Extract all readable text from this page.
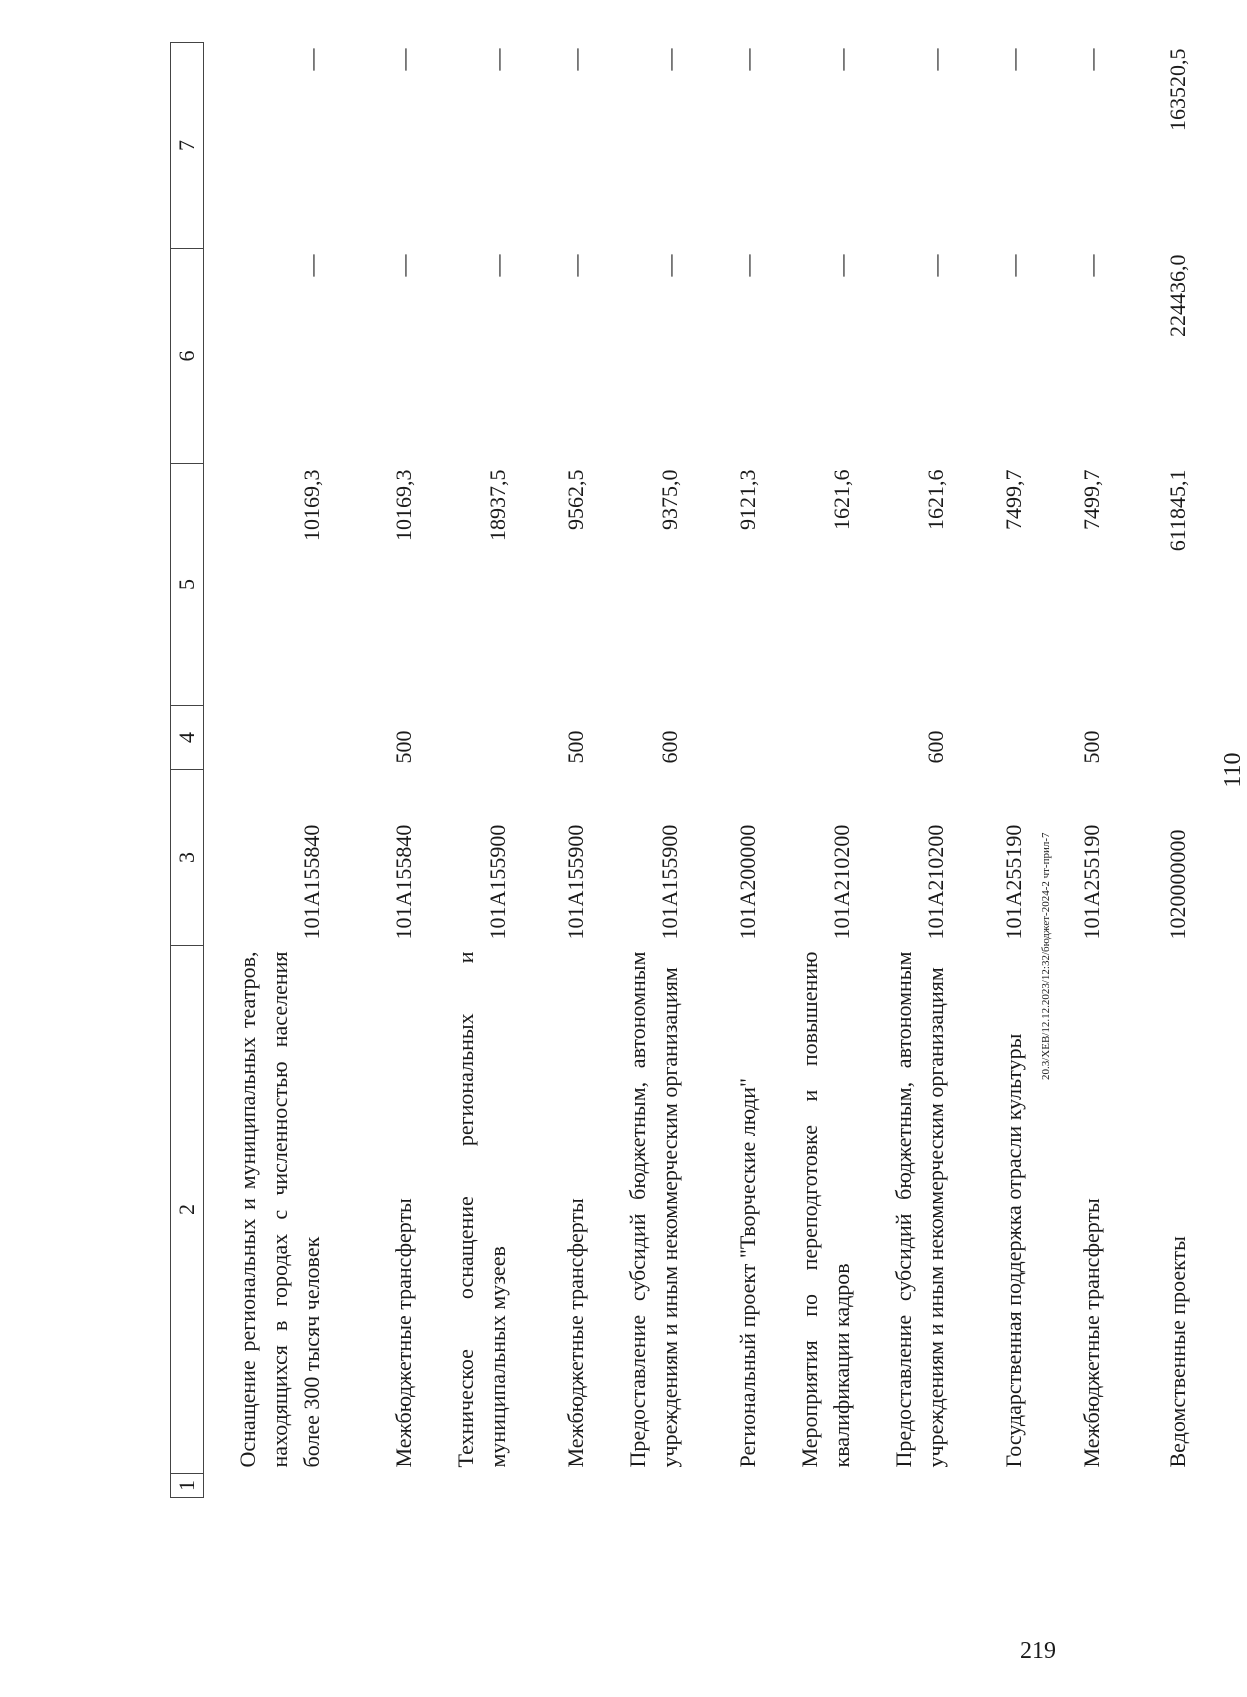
1	2	3	4	5	6	7
	Оснащение региональных и муниципальных театров, находящихся в городах с численностью населения более 300 тысяч человек	101A155840		10169,3	—	—
	Межбюджетные трансферты	101A155840	500	10169,3	—	—
	Техническое оснащение региональных и муниципальных музеев	101A155900		18937,5	—	—
	Межбюджетные трансферты	101A155900	500	9562,5	—	—
	Предоставление субсидий бюджетным, автономным учреждениям и иным некоммерческим организациям	101A155900	600	9375,0	—	—
	Региональный проект "Творческие люди"	101A200000		9121,3	—	—
	Мероприятия по переподготовке и повышению квалификации кадров	101A210200		1621,6	—	—
	Предоставление субсидий бюджетным, автономным учреждениям и иным некоммерческим организациям	101A210200	600	1621,6	—	—
	Государственная поддержка отрасли культуры	101A255190		7499,7	—	—
	Межбюджетные трансферты	101A255190	500	7499,7	—	—
	Ведомственные проекты	1020000000		611845,1	224436,0	163520,5
110
20.3/ХЕВ/12.12.2023/12:32/бюджет-2024-2 чт-прил-7
219
